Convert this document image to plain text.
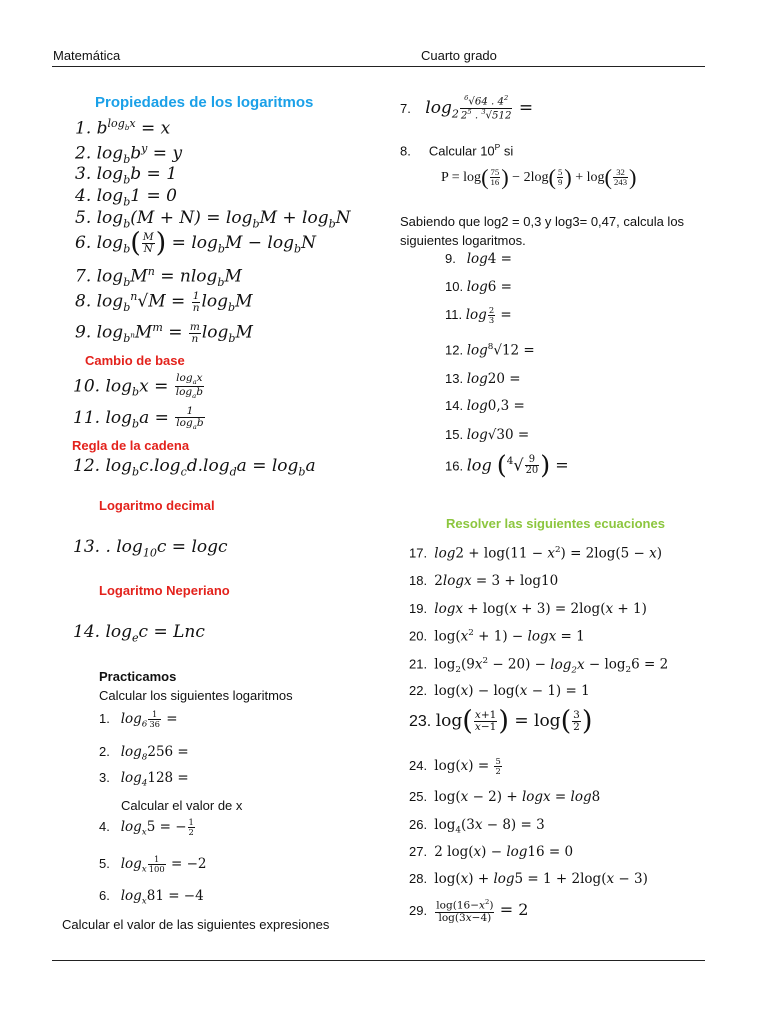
Matemática	Cuarto grado
Propiedades de los logaritmos
1. $b^{log_bx} = x$
2. $\log_bb^y = y$
3. $\log_bb = 1$
4. $\log_b1 = 0$
5. $\log_b(M + N) = \log_bM + \log_bN$
6. $\log_b( \frac{M}{N}$ ) = $\log_bM - \log_bN$
7. $\log_bM^n = nlog_bM$
8. $\log_b^n√M = \frac{1}{n} \log_bM$
9. $\log_{b^n}M^m = \frac{m}{n} \log_bM$
Cambio de base
10. $\log_bx = \frac{\log_ax}{\log_ab}$
11. $\log_ba = \frac{1}{\log_ab}$
Regla de la cadena
12. $\log_bc.\log_cd.\log_da = \log_ba$
Logaritmo decimal
13. . $\log_{10}c = \log c$
Logaritmo Neperiano
14. $\log_ec$ = Lnc
Practicamos
Calcular los siguientes logaritmos
1.   $\log_6 \frac{1}{36}$ =
2.   $\log_8256$ =
3.   $\log_4128$ =
Calcular el valor de x
4.   $\log_x5$ = − $\frac{1}{2}$
5.   $\log_x \frac{1}{100} = -2$
6.   $\log_x81 = -4$
Calcular el valor de las siguientes expresiones
7.    $\log_2 \frac{^6√64 . 4^2}{2^5 . ^3√512}$ =
8. Calcular $10^P$ si
$P = \log( \frac{75}{16}$ ) − $2\log( \frac{5}{9}$ ) + $\log( \frac{32}{243}$ )
Sabiendo que log2 = 0,3 y log3= 0,47, calcula los
siguientes logaritmos.
9.   log4 =
10. log6 =
11. $\log \frac{2}{3}$ =
12. $\log^8√12$ =
13. log20 =
14. log0,3 =
15. log√30 =
16. $\log (^4√ \frac{9}{20}$ ) =
Resolver las siguientes ecuaciones
17.  $\log 2 + \log(11 - x^2) = 2\log(5 - x)$
18.  2logx = 3 + log10
19.  logx + log(x + 3) = 2log(x + 1)
20.  $\log(x^2 + 1) - \log x = 1$
21.  $\log_2(9x^2 - 20) - \log_2x - \log_26 = 2$
22.  log(x) − log(x − 1) = 1
23. $\log( \frac{x+1}{x-1}$ ) = $\log( \frac{3}{2}$ )
24.  $\log(x) = \frac{5}{2}$
25.  log(x − 2) + logx = log8
26.  $\log_4(3x - 8) = 3$
27.  2 log(x) − log16 = 0
28.  log(x) + log5 = 1 + 2log(x − 3)
29. $\frac{\log(16-x^2)}{\log(3x-4)} = 2$
